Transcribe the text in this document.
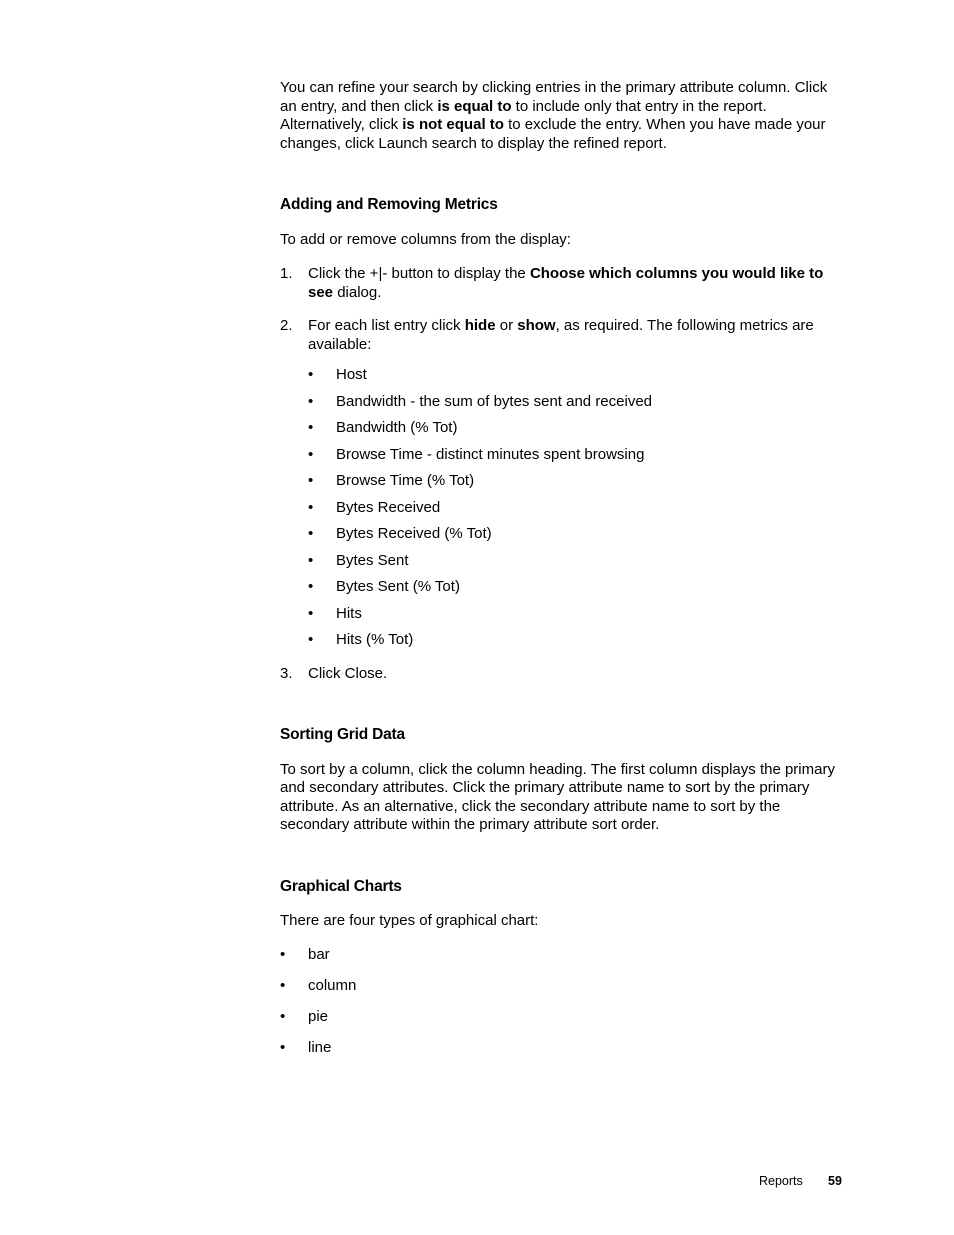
You can refine your search by clicking entries in the primary attribute column. Click an entry, and then click is equal to to include only that entry in the report. Alternatively, click is not equal to to exclude the entry. When you have made your changes, click Launch search to display the refined report.

Adding and Removing Metrics

To add or remove columns from the display:

1. Click the +|- button to display the Choose which columns you would like to see dialog.
2. For each list entry click hide or show, as required. The following metrics are available:
• Host
• Bandwidth - the sum of bytes sent and received
• Bandwidth (% Tot)
• Browse Time - distinct minutes spent browsing
• Browse Time (% Tot)
• Bytes Received
• Bytes Received (% Tot)
• Bytes Sent
• Bytes Sent (% Tot)
• Hits
• Hits (% Tot)
3. Click Close.
Sorting Grid Data

To sort by a column, click the column heading. The first column displays the primary and secondary attributes. Click the primary attribute name to sort by the primary attribute. As an alternative, click the secondary attribute name to sort by the secondary attribute within the primary attribute sort order.

Graphical Charts

There are four types of graphical chart:

• bar
• column
• pie
• line
Reports 59
